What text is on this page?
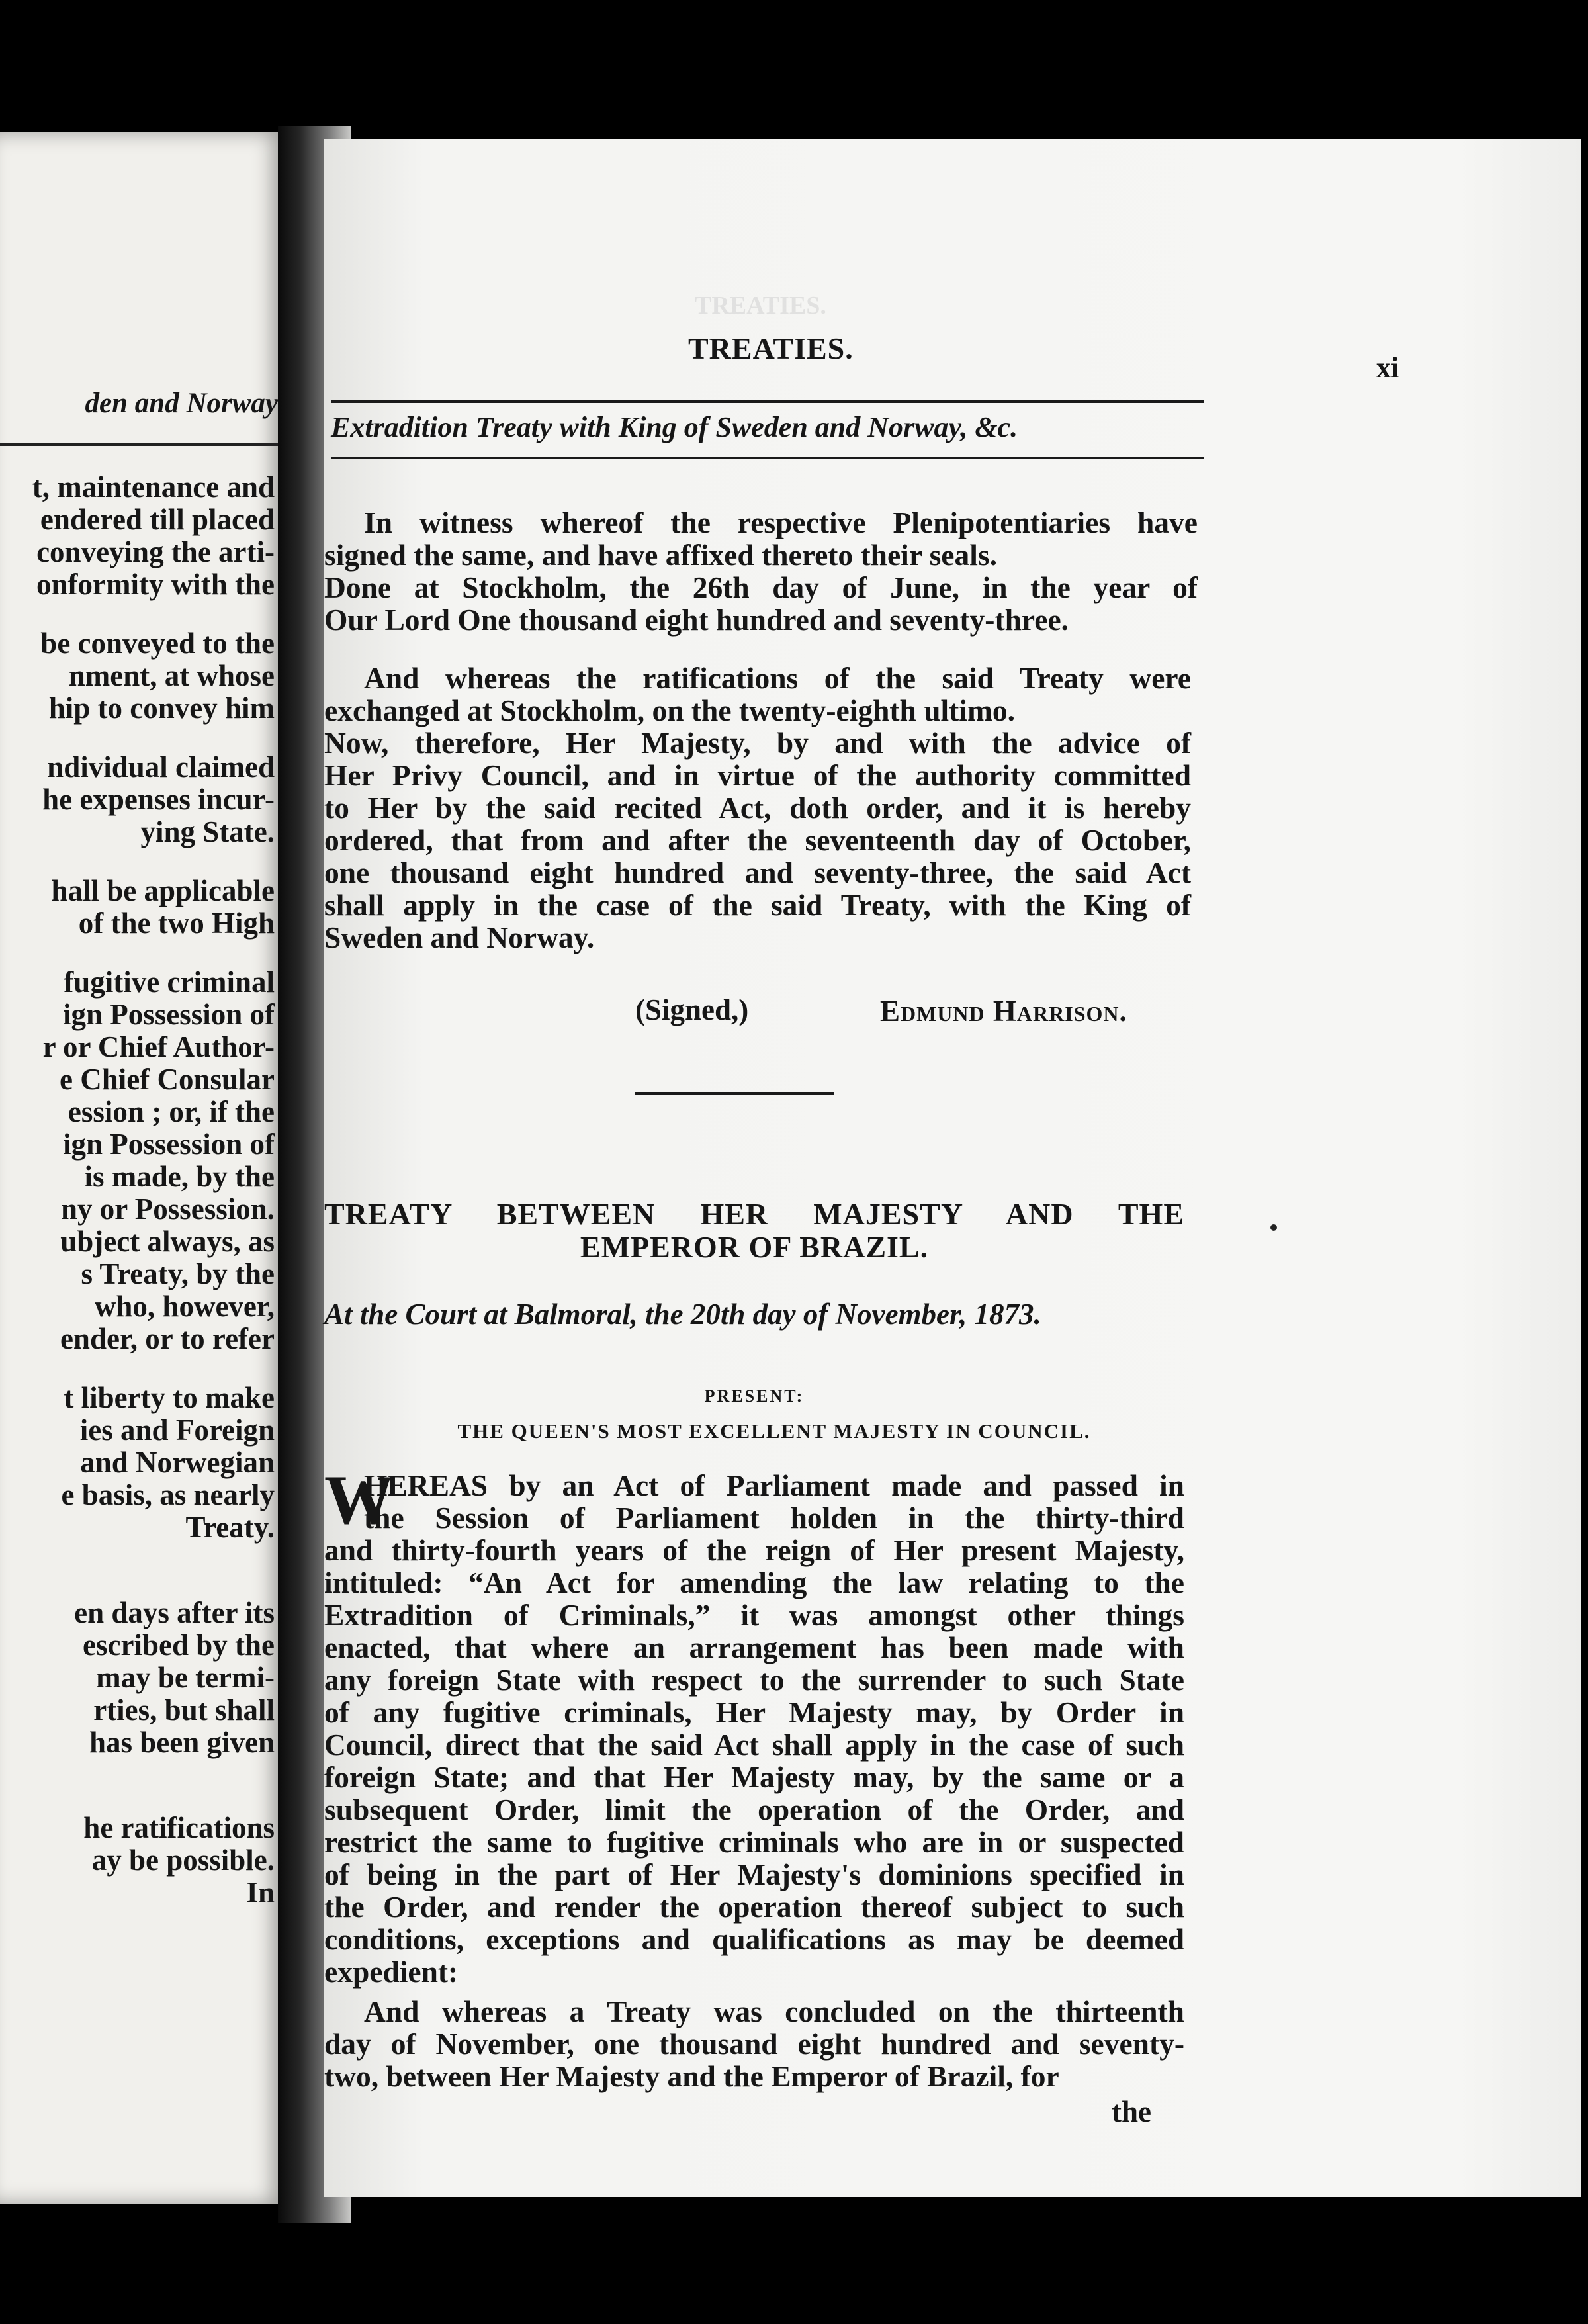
den and Norway
t, maintenance and
endered till placed
conveying the arti-
onformity with the
be conveyed to the
nment, at whose
hip to convey him
ndividual claimed
he expenses incur-
ying State.
hall be applicable
of the two High
fugitive criminal
ign Possession of
r or Chief Author-
e Chief Consular
ession ; or, if the
ign Possession of
is made, by the
ny or Possession.
ubject always, as
s Treaty, by the
who, however,
ender, or to refer
t liberty to make
ies and Foreign
and Norwegian
e basis, as nearly
Treaty.
en days after its
escribed by the
may be termi-
rties, but shall
has been given
he ratifications
ay be possible.
In
TREATIES.
TREATIES.
xi
Extradition Treaty with King of Sweden and Norway, &c.
In witness whereof the respective Plenipotentiaries have
signed the same, and have affixed thereto their seals.
Done at Stockholm, the 26th day of June, in the year of
Our Lord One thousand eight hundred and seventy-three.
And whereas the ratifications of the said Treaty were
exchanged at Stockholm, on the twenty-eighth ultimo.
Now, therefore, Her Majesty, by and with the advice of
Her Privy Council, and in virtue of the authority committed
to Her by the said recited Act, doth order, and it is hereby
ordered, that from and after the seventeenth day of October,
one thousand eight hundred and seventy-three, the said Act
shall apply in the case of the said Treaty, with the King of
Sweden and Norway.
(Signed,)	Edmund Harrison.
TREATY BETWEEN HER MAJESTY AND THE
EMPEROR OF BRAZIL.
At the Court at Balmoral, the 20th day of November, 1873.
PRESENT:
THE QUEEN'S MOST EXCELLENT MAJESTY IN COUNCIL.
W
HEREAS by an Act of Parliament made and passed in
the Session of Parliament holden in the thirty-third
and thirty-fourth years of the reign of Her present Majesty,
intituled: “An Act for amending the law relating to the
Extradition of Criminals,” it was amongst other things
enacted, that where an arrangement has been made with
any foreign State with respect to the surrender to such State
of any fugitive criminals, Her Majesty may, by Order in
Council, direct that the said Act shall apply in the case of such
foreign State; and that Her Majesty may, by the same or a
subsequent Order, limit the operation of the Order, and
restrict the same to fugitive criminals who are in or suspected
of being in the part of Her Majesty's dominions specified in
the Order, and render the operation thereof subject to such
conditions, exceptions and qualifications as may be deemed
expedient:
And whereas a Treaty was concluded on the thirteenth
day of November, one thousand eight hundred and seventy-
two, between Her Majesty and the Emperor of Brazil, for
the
